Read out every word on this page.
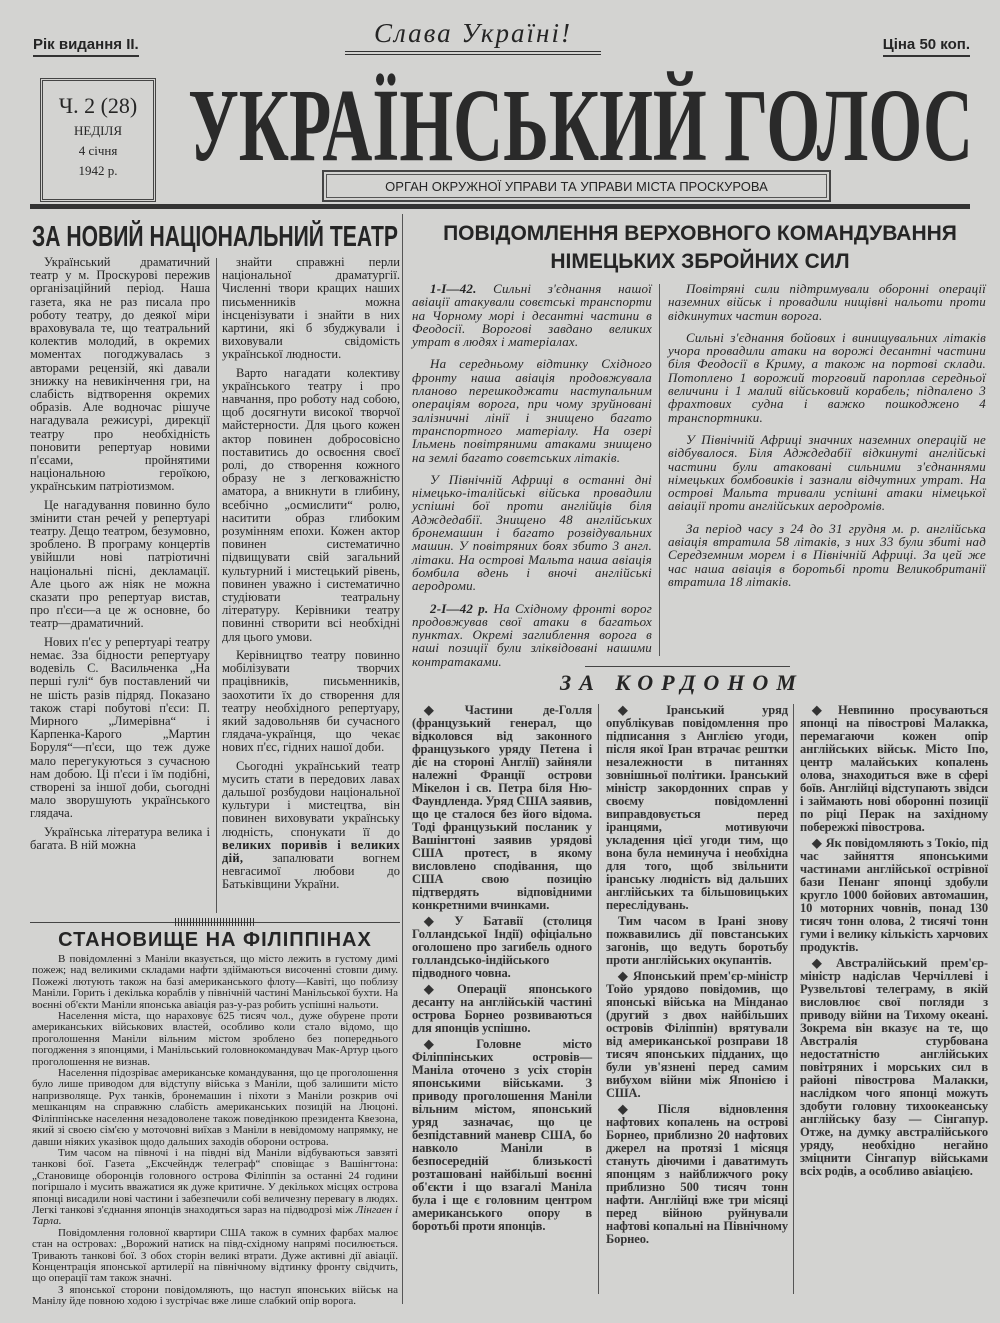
Рік видання II.	Слава Україні!	Ціна 50 коп.
Ч. 2 (28)
НЕДІЛЯ
4 січня
1942 р. УКРАЇНСЬКИЙ ГОЛОС
ОРГАН ОКРУЖНОЇ УПРАВИ ТА УПРАВИ МІСТА ПРОСКУРОВА
ЗА НОВИЙ НАЦІОНАЛЬНИЙ ТЕАТР

Український драматичний театр у м. Проскурові пережив організаційний період. Наша газета, яка не раз писала про роботу театру, до деякої міри враховувала те, що театральний колектив молодий, в окремих моментах погоджувалась з авторами рецензій, які давали знижку на невикінчення гри, на слабість відтворення окремих образів. Але водночас рішуче нагадувала режисурі, дирекції театру про необхідність поновити репертуар новими п'єсами, пройнятими національною героїкою, українським патріотизмом.

Це нагадування повинно було змінити стан речей у репертуарі театру. Дещо театром, безумовно, зроблено. В програму концертів увійшли нові патріотичні національні пісні, декламації. Але цього аж ніяк не можна сказати про репертуар вистав, про п'єси—а це ж основне, бо театр—драматичний.

Нових п'єс у репертуарі театру немає. Зза бідности репертуару водевіль С. Васильченка „На перші гулі“ був поставлений чи не шість разів підряд. Показано також старі побутові п'єси: П. Мирного „Лимерівна“ і Карпенка-Карого „Мартин Боруля“—п'єси, що теж дуже мало перегукуються з сучасною нам добою. Ці п'єси і їм подібні, створені за іншої доби, сьогодні мало зворушують українського глядача.

Українська література велика і багата. В ній можна

знайти справжні перли національної драматургії. Численні твори кращих наших письменників можна інсценізувати і знайти в них картини, які б збуджували і виховували свідомість української людности.

Варто нагадати колективу українського театру і про навчання, про роботу над собою, щоб досягнути високої творчої майстерности. Для цього кожен актор повинен добросовісно поставитись до освоєння своєї ролі, до створення кожного образу не з легковажністю аматора, а вникнути в глибину, всебічно „осмислити“ ролю, наситити образ глибоким розумінням епохи. Кожен актор повинен систематично підвищувати свій загальний культурний і мистецький рівень, повинен уважно і систематично студіювати театральну літературу. Керівники театру повинні створити всі необхідні для цього умови.

Керівництво театру повинно мобілізувати творчих працівників, письменників, заохотити їх до створення для театру необхідного репертуару, який задовольняв би сучасного глядача-українця, що чекає нових п'єс, гідних нашої доби.

Сьогодні український театр мусить стати в передових лавах дальшої розбудови національної культури і мистецтва, він повинен виховувати українську людність, спонукати її до великих поривів і великих дій, запалювати вогнем невгасимої любови до Батьківщини України.

СТАНОВИЩЕ НА ФІЛІППІНАХ

В повідомленні з Маніли вказується, що місто лежить в густому димі пожеж; над великими складами нафти здіймаються височенні стовпи диму. Пожежі лютують також на базі американського флоту—Кавіті, що поблизу Маніли. Горить і декілька кораблів у північній частині Манільської бухти. На воєнні об'єкти Маніли японська авіація раз-у-раз робить успішні нальоти.

Населення міста, що нараховує 625 тисяч чол., дуже обурене проти американських військових властей, особливо коли стало відомо, що проголошення Маніли вільним містом зроблено без попереднього погодження з японцями, і Манільський головнокомандувач Мак-Артур цього проголошення не визнав.

Населення підозріває американське командування, що це проголошення було лише приводом для відступу війська з Маніли, щоб залишити місто напризволяще. Рух танків, бронемашин і піхоти з Маніли розкрив очі мешканцям на справжню слабість американських позицій на Люцоні. Філіппінське населення незадоволене також поведінкою президента Квезона, який зі своєю сім'єю у моточовні виїхав з Маніли в невідомому напрямку, не давши ніяких указівок щодо дальших заходів оборони острова.

Тим часом на півночі і на півдні від Маніли відбуваються завзяті танкові бої. Газета „Ексчейндж телеграф“ сповіщає з Вашінгтона: „Становище оборонців головного острова Філіппін за останні 24 години погіршало і мусить вважатися як дуже критичне. У декількох місцях острова японці висадили нові частини і забезпечили собі величезну перевагу в людях. Легкі танкові з'єднання японців знаходяться зараз на підводрозі між Лінгаен і Тарла.

Повідомлення головної квартири США також в сумних фарбах малює стан на островах: „Ворожий натиск на півд-східному напрямі посилюється. Тривають танкові бої. З обох сторін великі втрати. Дуже активні дії авіації. Концентрація японської артилерії на північному відтинку фронту свідчить, що операції там також значні.

З японської сторони повідомляють, що наступ японських військ на Манілу йде повною ходою і зустрічає вже лише слабкий опір ворога.

ПОВІДОМЛЕННЯ ВЕРХОВНОГО КОМАНДУВАННЯ
НІМЕЦЬКИХ ЗБРОЙНИХ СИЛ

1-I—42. Сильні з'єднання нашої авіації атакували совєтські транспорти на Чорному морі і десантні частини в Феодосії. Ворогові завдано великих утрат в людях і матеріалах.

На середньому відтинку Східного фронту наша авіація продовжувала планово перешкоджати наступальним операціям ворога, при чому зруйновані залізничні лінії і знищено багато транспортного матеріалу. На озері Ільмень повітряними атаками знищено на землі багато совєтських літаків.

У Північній Африці в останні дні німецько-італійські війська провадили успішні бої проти англійців біля Адждедабії. Знищено 48 англійських бронемашин і багато розвідувальних машин. У повітряних боях збито 3 англ. літаки. На острові Мальта наша авіація бомбила вдень і вночі англійські аеродроми.

2-I—42 р. На Східному фронті ворог продовжував свої атаки в багатьох пунктах. Окремі заглиблення ворога в наші позиції були зліквідовані нашими контратаками.

Повітряні сили підтримували оборонні операції наземних військ і провадили нищівні нальоти проти відкинутих частин ворога.

Сильні з'єднання бойових і винищувальних літаків учора провадили атаки на ворожі десантні частини біля Феодосії в Криму, а також на портові склади. Потоплено 1 ворожий торговий пароплав середньої величини і 1 малий військовий корабель; підпалено 3 фрахтових судна і важко пошкоджено 4 транспортники.

У Північній Африці значних наземних операцій не відбувалося. Біля Адждедабії відкинуті англійські частини були атаковані сильними з'єднаннями німецьких бомбовиків і зазнали відчутних утрат. На острові Мальта тривали успішні атаки німецької авіації проти англійських аеродромів.

За період часу з 24 до 31 грудня м. р. англійська авіація втратила 58 літаків, з них 33 були збиті над Середземним морем і в Північній Африці. За цей же час наша авіація в боротьбі проти Великобританії втратила 18 літаків.

ЗА КОРДОНОМ

◆ Частини де-Голля (французький генерал, що відколовся від законного французького уряду Петена і діє на стороні Англії) зайняли належні Франції острови Мікелон і св. Петра біля Ню-Фаундленда. Уряд США заявив, що це сталося без його відома. Тоді французький посланик у Вашінгтоні заявив урядові США протест, в якому висловлено сподівання, що США свою позицію підтвердять відповідними конкретними вчинками.

◆ У Батавії (столиця Голландської Індії) офіціально оголошено про загибель одного голландсько-індійського підводного човна.

◆ Операції японського десанту на англійській частині острова Борнео розвиваються для японців успішно.

◆ Головне місто Філіппінських островів—Маніла оточено з усіх сторін японськими військами. З приводу проголошення Маніли вільним містом, японський уряд зазначає, що це безпідставний маневр США, бо навколо Маніли в безпосередній близькості розташовані найбільші воєнні об'єкти і що взагалі Маніла була і ще є головним центром американського опору в боротьбі проти японців.

◆ Іранський уряд опублікував повідомлення про підписання з Англією угоди, після якої Іран втрачає рештки незалежности в питаннях зовнішньої політики. Іранський міністр закордонних справ у своєму повідомленні виправдовується перед іранцями, мотивуючи укладення цієї угоди тим, що вона була неминуча і необхідна для того, щоб звільнити іранську людність від дальших англійських та більшовицьких переслідувань.

Тим часом в Ірані знову пожвавились дії повстанських загонів, що ведуть боротьбу проти англійських окупантів.

◆ Японський прем'єр-міністр Тойо урядово повідомив, що японські війська на Мінданао (другий з двох найбільших островів Філіппін) врятували від американської розправи 18 тисяч японських підданих, що були ув'язнені перед самим вибухом війни між Японією і США.

◆ Після відновлення нафтових копалень на острові Борнео, приблизно 20 нафтових джерел на протязі 1 місяця стануть діючими і даватимуть японцям з найближчого року приблизно 500 тисяч тонн нафти. Англійці вже три місяці перед війною руйнували нафтові копальні на Північному Борнео.

◆ Невпинно просуваються японці на півострові Малакка, перемагаючи кожен опір англійських військ. Місто Іпо, центр малайських копалень олова, знаходиться вже в сфері боїв. Англійці відступають звідси і займають нові оборонні позиції по ріці Перак на західному побережжі півострова.

◆ Як повідомляють з Токіо, під час зайняття японськими частинами англійської острівної бази Пенанг японці здобули кругло 1000 бойових автомашин, 10 моторних човнів, понад 130 тисяч тонн олова, 2 тисячі тонн гуми і велику кількість харчових продуктів.

◆ Австралійський прем'єр-міністр надіслав Черчіллеві і Рузвельтові телеграму, в якій висловлює свої погляди з приводу війни на Тихому океані. Зокрема він вказує на те, що Австралія стурбована недостатністю англійських повітряних і морських сил в районі півострова Малакки, наслідком чого японці можуть здобути головну тихоокеанську англійську базу — Сінгапур. Отже, на думку австралійського уряду, необхідно негайно зміцнити Сінгапур військами всіх родів, а особливо авіацією.
